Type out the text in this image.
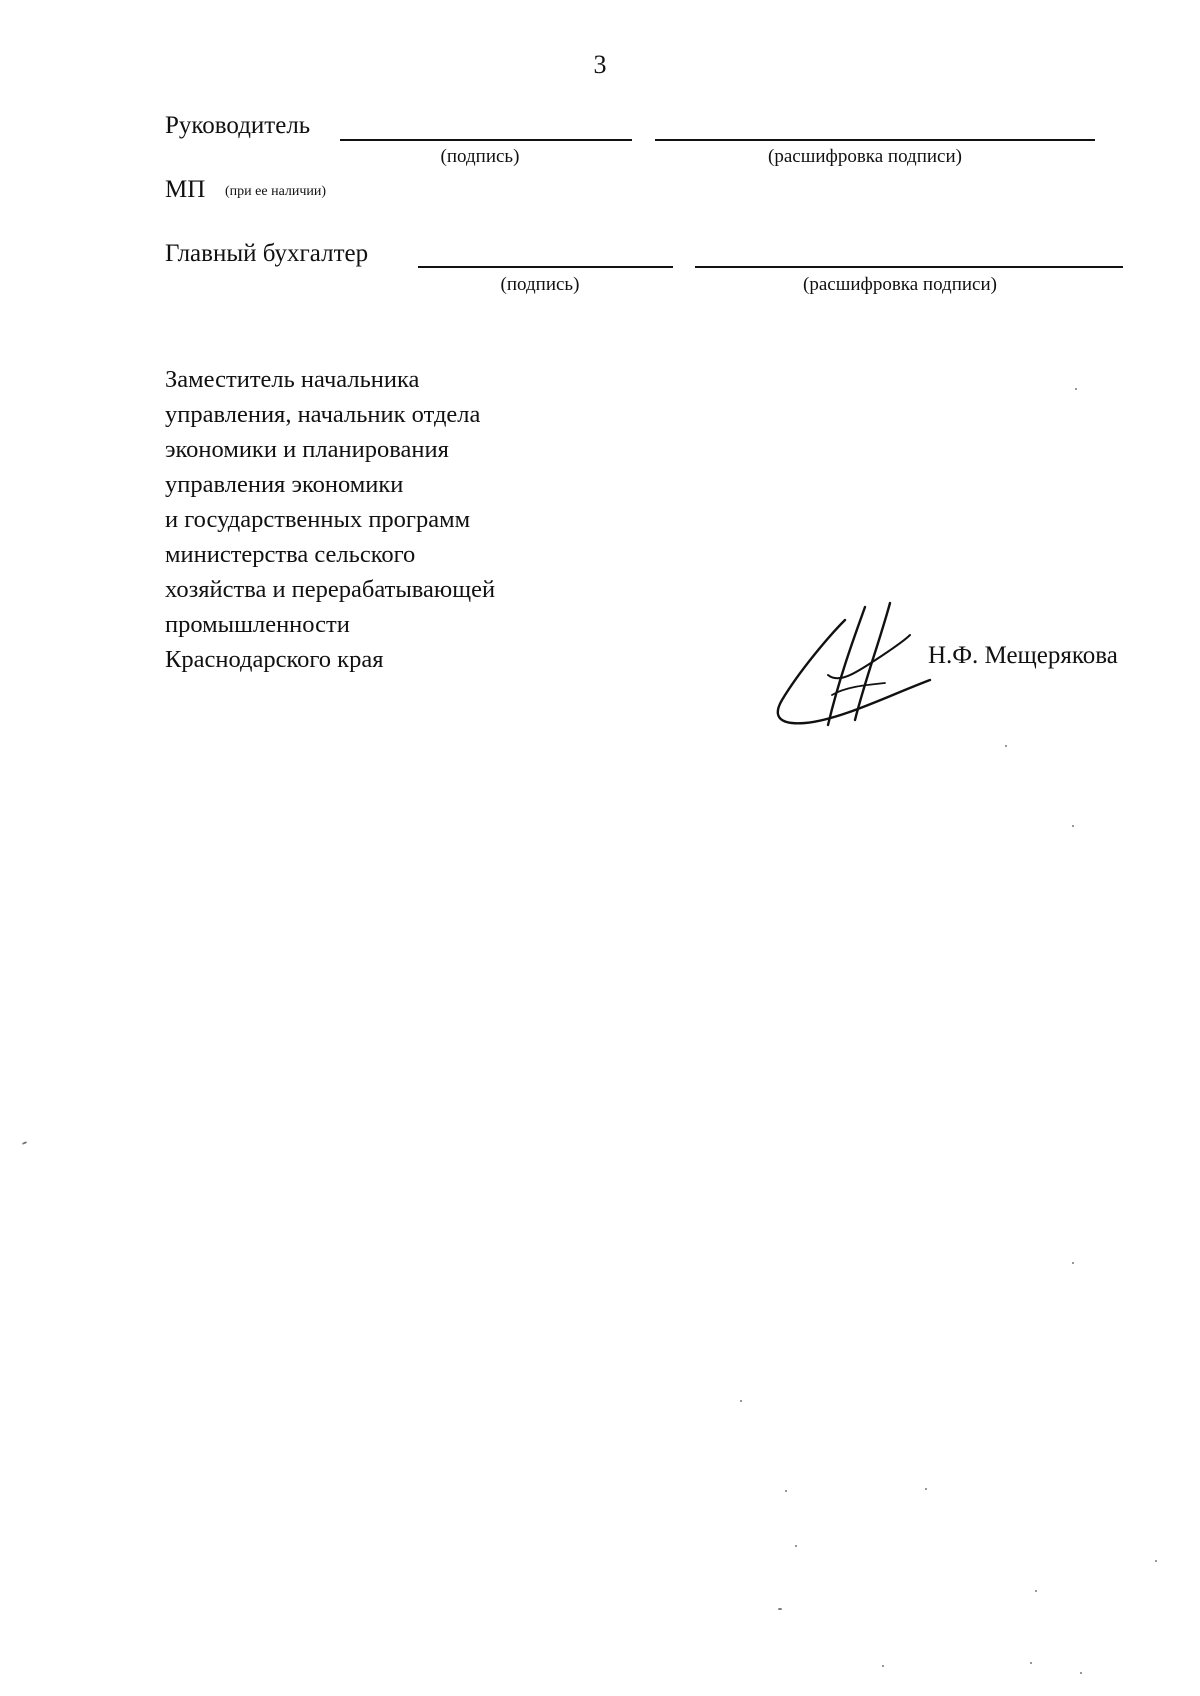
3
Руководитель
(подпись)	(расшифровка подписи)
МП (при ее наличии)
Главный бухгалтер
(подпись)	(расшифровка подписи)
Заместитель начальника
управления, начальник отдела
экономики и планирования
управления экономики
и государственных программ
министерства сельского
хозяйства и перерабатывающей
промышленности
Краснодарского края	Н.Ф. Мещерякова
